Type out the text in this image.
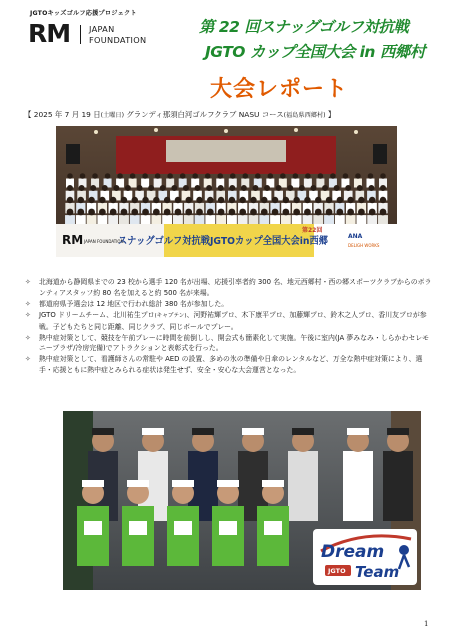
JGTOキッズゴルフ応援プロジェクト
RM JAPAN
FOUNDATION
第 22 回スナッグゴルフ対抗戦
JGTO カップ全国大会 in 西郷村
大会レポート
【 2025 年 7 月 19 日(土曜日) グランディ那須白河ゴルフクラブ NASU コース(福島県西郷村) 】
RM JAPAN FOUNDATION
スナッグゴルフ対抗戦JGTOカップ全国大会in西郷
第22回
ANA
DELIGH WORKS
✧	北海道から静岡県までの 23 校から選手 120 名が出場、応援引率者約 300 名、地元西郷村・西の郷スポーツクラブからのボランティアスタッフ約 80 名を加えると約 500 名が来場。
✧	都道府県予選会は 12 地区で行われ総計 380 名が参加した。
✧	JGTO ドリームチーム、北川祐生プロ(キャプテン)、河野祐輝プロ、木下康平プロ、加藤輝プロ、鈴木之人プロ、香川友プロが参戦。子どもたちと同じ距離、同じクラブ、同じボールでプレー。
✧	熱中症対策として、競技を午前プレーに時間を前倒しし、開会式も簡素化して実施。午後に室内(JA 夢みなみ・しらかわセレモニープラザ/冷房完備)でアトラクションと表彰式を行った。
✧	熱中症対策として、看護師さんの常駐や AED の設置、多めの氷の準備や日傘のレンタルなど、万全な熱中症対策により、選手・応援ともに熱中症とみられる症状は発生せず、安全・安心な大会運営となった。
Dream
Team
JGTO
1
